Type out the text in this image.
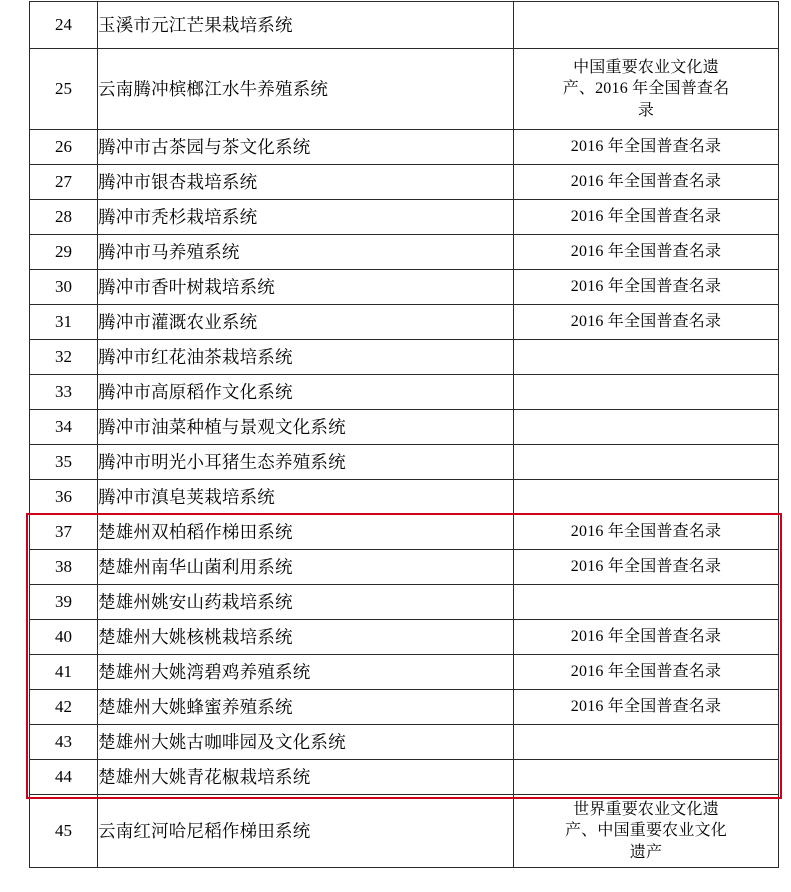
24	玉溪市元江芒果栽培系统	

25	云南腾冲槟榔江水牛养殖系统	中国重要农业文化遗
产、2016 年全国普查名
录

26	腾冲市古茶园与茶文化系统	2016 年全国普查名录

27	腾冲市银杏栽培系统	2016 年全国普查名录

28	腾冲市秃杉栽培系统	2016 年全国普查名录

29	腾冲市马养殖系统	2016 年全国普查名录

30	腾冲市香叶树栽培系统	2016 年全国普查名录

31	腾冲市灌溉农业系统	2016 年全国普查名录

32	腾冲市红花油茶栽培系统	

33	腾冲市高原稻作文化系统	

34	腾冲市油菜种植与景观文化系统	

35	腾冲市明光小耳猪生态养殖系统	

36	腾冲市滇皂荚栽培系统	

37	楚雄州双柏稻作梯田系统	2016 年全国普查名录

38	楚雄州南华山菌利用系统	2016 年全国普查名录

39	楚雄州姚安山药栽培系统	

40	楚雄州大姚核桃栽培系统	2016 年全国普查名录

41	楚雄州大姚湾碧鸡养殖系统	2016 年全国普查名录

42	楚雄州大姚蜂蜜养殖系统	2016 年全国普查名录

43	楚雄州大姚古咖啡园及文化系统	

44	楚雄州大姚青花椒栽培系统	

45	云南红河哈尼稻作梯田系统	世界重要农业文化遗
产、中国重要农业文化
遗产
